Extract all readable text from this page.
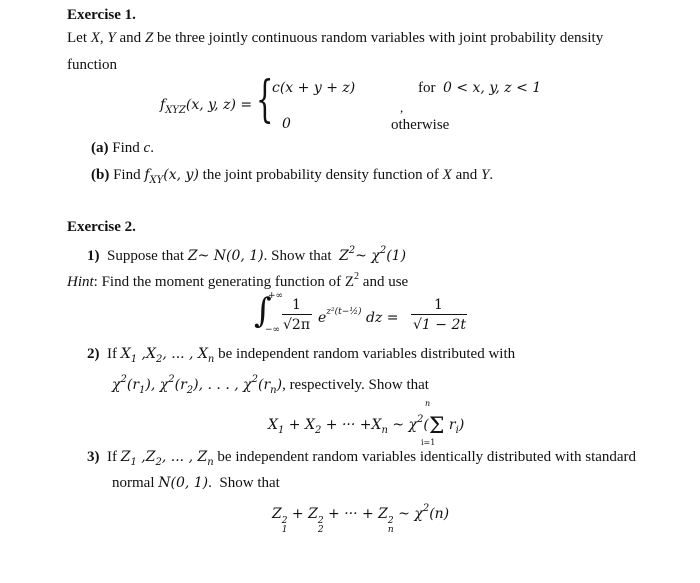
Exercise 1.
Let X, Y and Z be three jointly continuous random variables with joint probability density
function
$f_{XYZ}(x$, y, z) = {
c(x + y + z)	for  0 < x, y, z < 1
,
0	otherwise
(a) Find c.
(b) Find $f_{XY}(x$, y) the joint probability density function of X and Y.
Exercise 2.
1)  Suppose that Z~ N(0, 1). Show that  $Z^2\sim$ $\chi^2(1)$
Hint: Find the moment generating function of $Z^2$ and use
∫
+∞
−∞
1
√2π $e^{z^2(t-\frac{1}{2})}$ dz =
1
√1 − 2t
2)  If $X_1$ $,X_2$, ... , $X_n$ be independent random variables distributed with
$\chi^2(r_1)$, $\chi^2(r_2)$, . . . , $\chi^2(r_n)$, respectively. Show that
n
$X_1 + X_2$ + ··· $+X_n$ ~ $\chi^2(\Sigma$ $r_i$)
i=1
3)  If $Z_1$ $,Z_2$, ... , $Z_n$ be independent random variables identically distributed with standard
normal N(0, 1).  Show that
Z 2
1
+ Z 2
2
+ ··· + Z 2
n
~ $\chi^2(n)$
